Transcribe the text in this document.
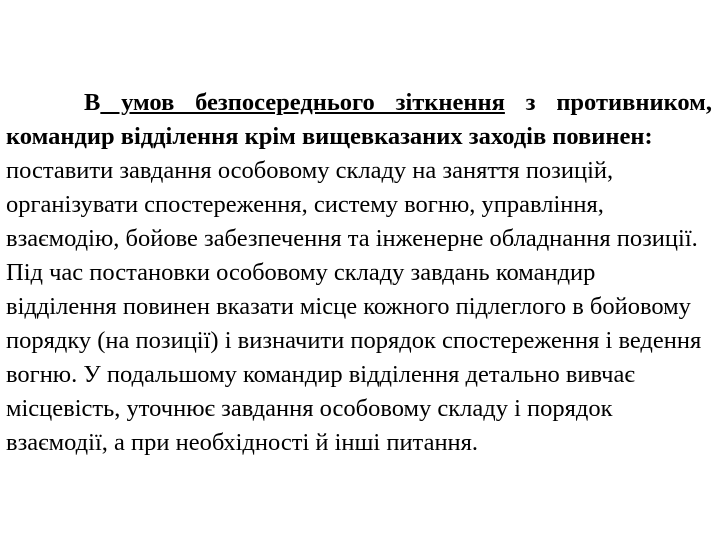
В умов безпосереднього зіткнення з противником, командир відділення крім вищевказаних заходів повинен:

поставити завдання особовому складу на заняття позицій, організувати спостереження, систему вогню, управління, взаємодію, бойове забезпечення та інженерне обладнання позиції. Під час постановки особовому складу завдань командир відділення повинен вказати місце кожного підлеглого в бойовому порядку (на позиції) і визначити порядок спостереження і ведення вогню. У подальшому командир відділення детально вивчає місцевість, уточнює завдання особовому складу і порядок взаємодії, а при необхідності й інші питання.
